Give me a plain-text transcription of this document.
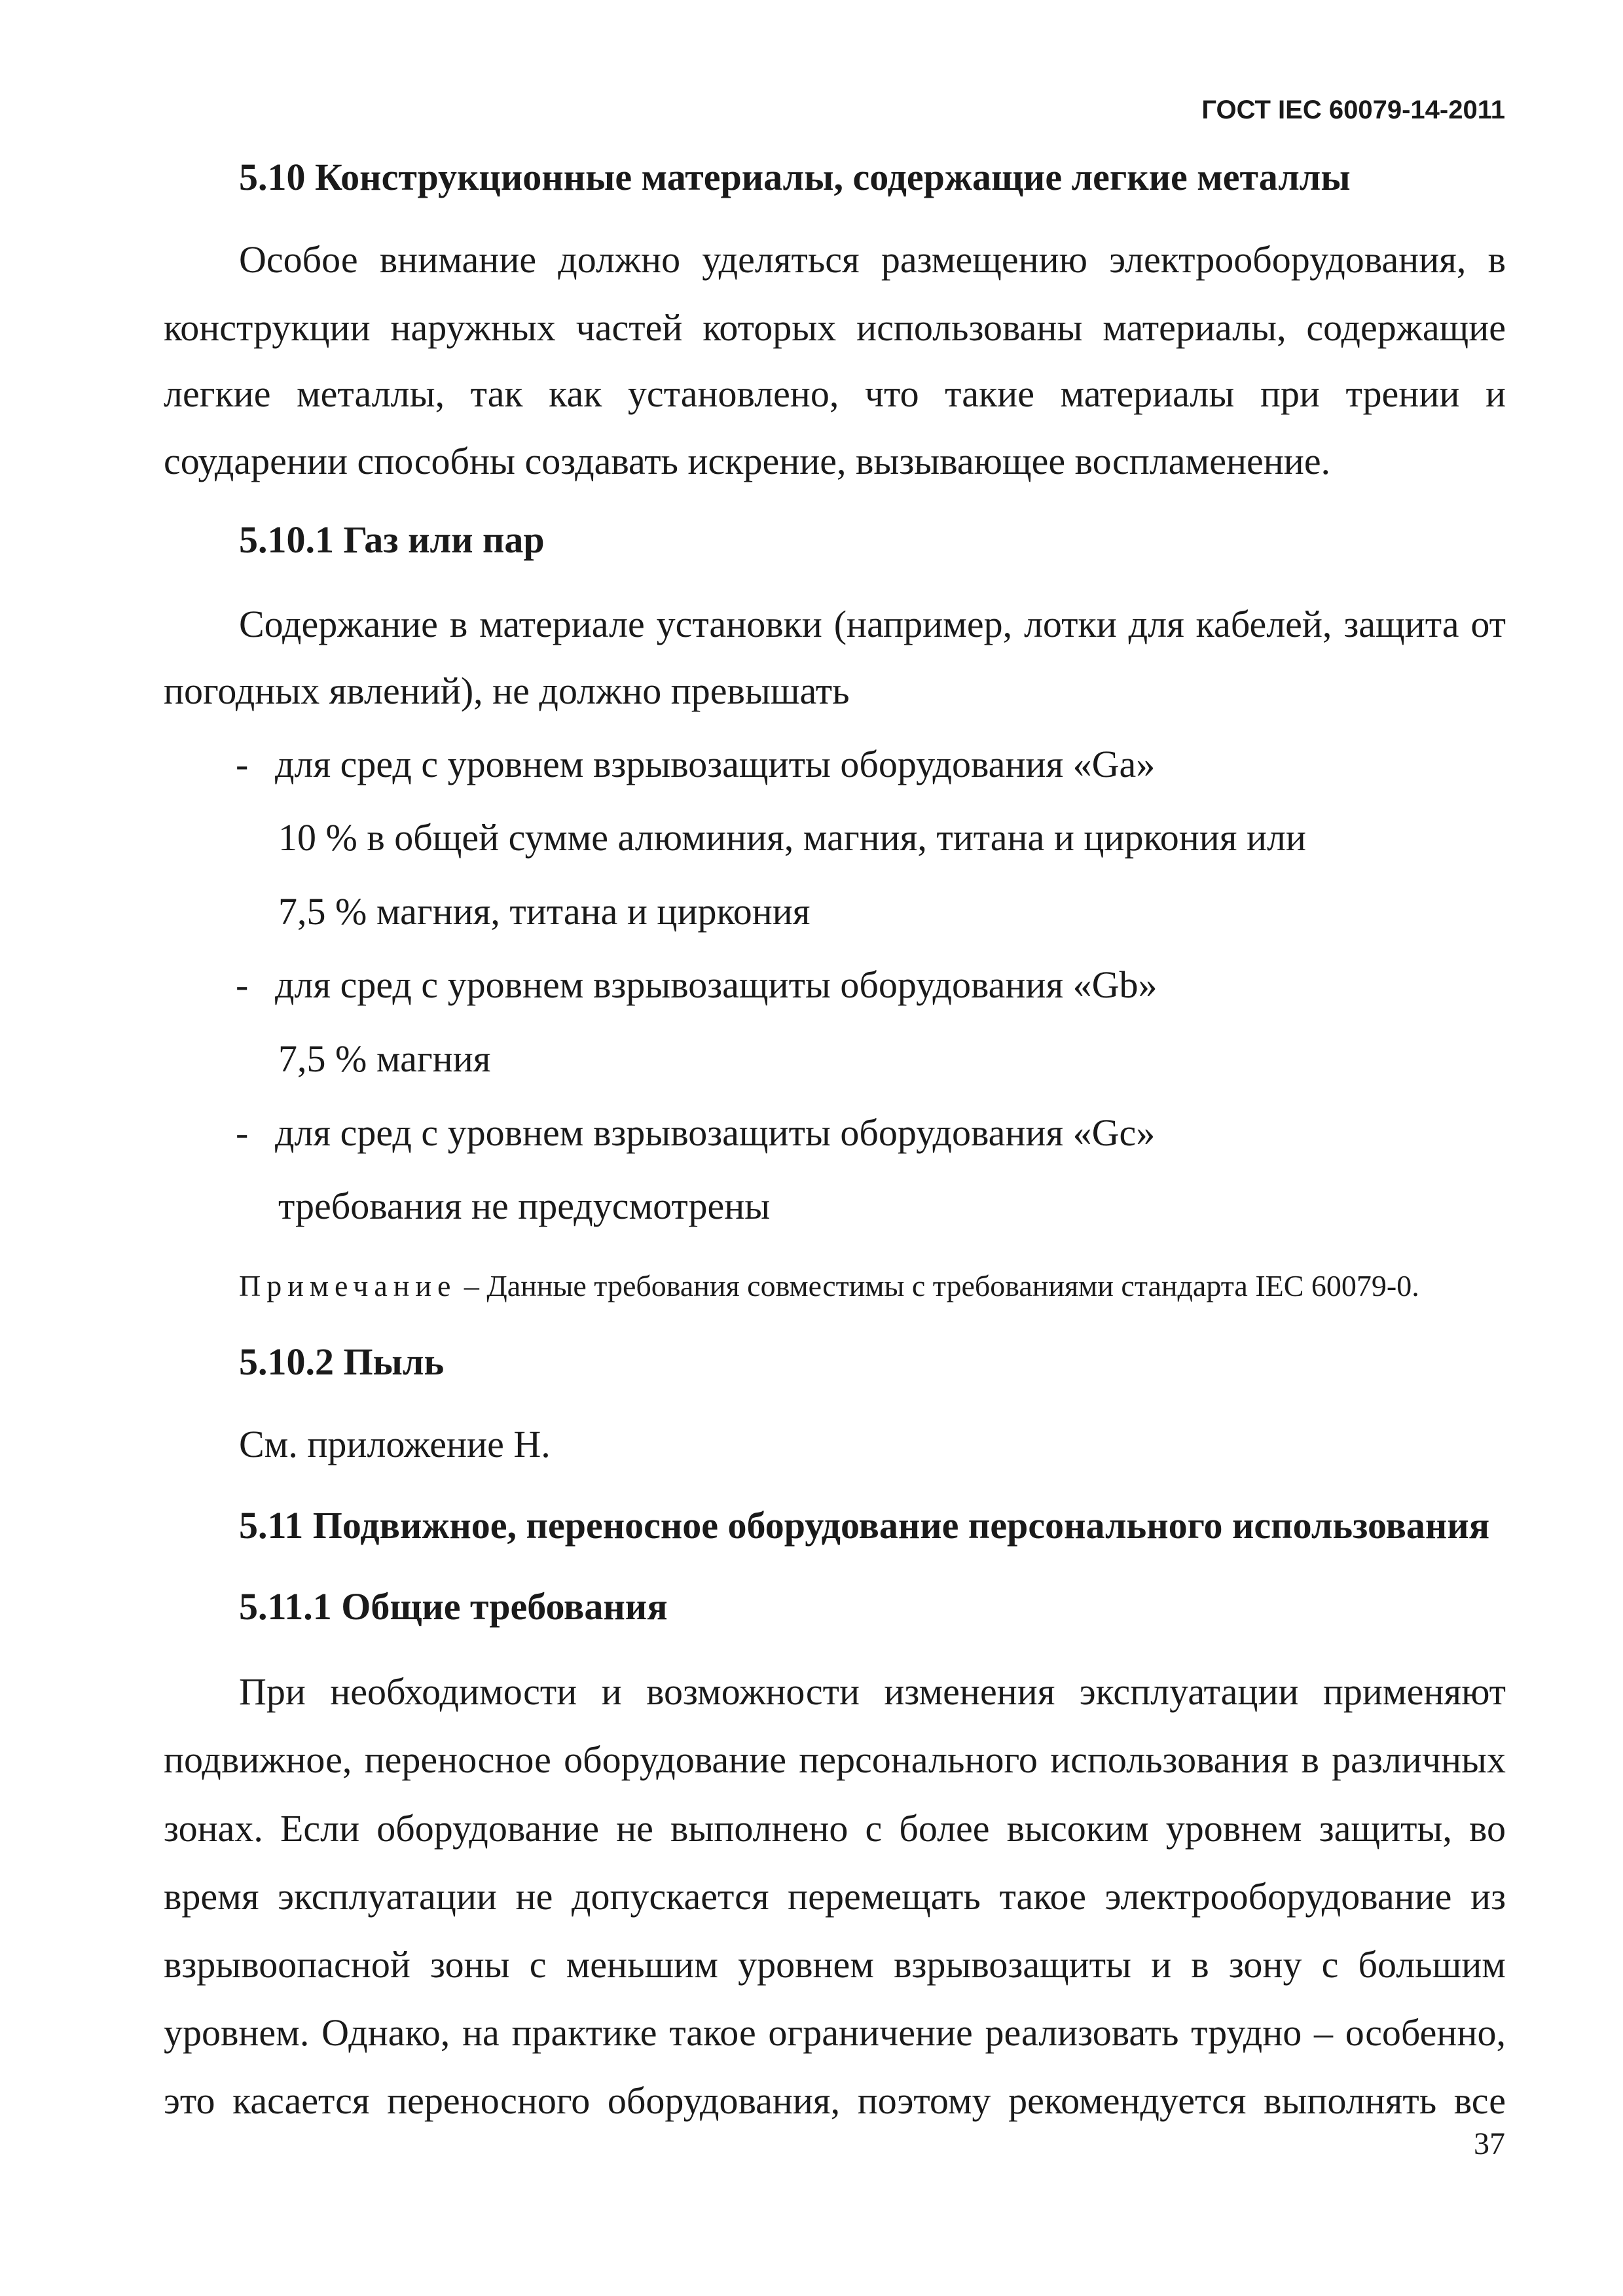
ГОСТ IEC 60079-14-2011
5.10 Конструкционные материалы, содержащие легкие металлы
Особое внимание должно уделяться размещению электрооборудования, в
конструкции наружных частей которых использованы материалы, содержащие
легкие металлы, так как установлено, что такие материалы при трении и
соударении способны создавать искрение, вызывающее воспламенение.
5.10.1 Газ или пар
Содержание в материале установки (например, лотки для кабелей, защита от
погодных явлений), не должно превышать
- для сред с уровнем взрывозащиты оборудования «Ga»
10 % в общей сумме алюминия, магния, титана и циркония или
7,5 % магния, титана и циркония
- для сред с уровнем взрывозащиты оборудования «Gb»
7,5 % магния
- для сред с уровнем взрывозащиты оборудования «Gc»
требования не предусмотрены
Примечание – Данные требования совместимы с требованиями стандарта IEC 60079-0.
5.10.2 Пыль
См. приложение Н.
5.11 Подвижное, переносное оборудование персонального использования
5.11.1 Общие требования
При необходимости и возможности изменения эксплуатации применяют
подвижное, переносное оборудование персонального использования в различных
зонах. Если оборудование не выполнено с более высоким уровнем защиты, во
время эксплуатации не допускается перемещать такое электрооборудование из
взрывоопасной зоны с меньшим уровнем взрывозащиты и в зону с большим
уровнем. Однако, на практике такое ограничение реализовать трудно – особенно,
это касается переносного оборудования, поэтому рекомендуется выполнять все
37
